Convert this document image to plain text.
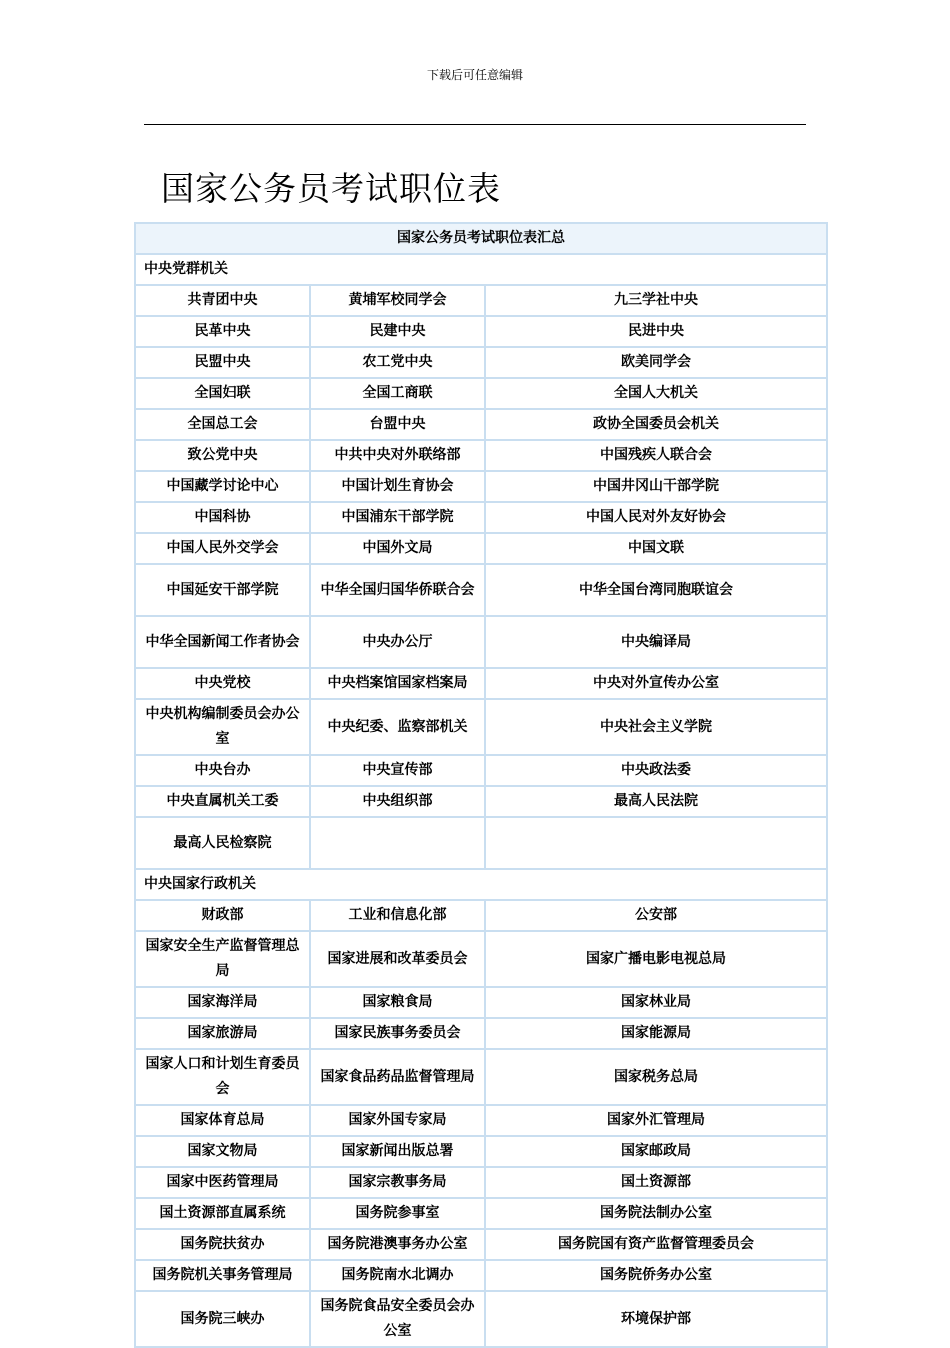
下载后可任意编辑
国家公务员考试职位表
国家公务员考试职位表汇总		
中央党群机关		
共青团中央	黄埔军校同学会	九三学社中央
民革中央	民建中央	民进中央
民盟中央	农工党中央	欧美同学会
全国妇联	全国工商联	全国人大机关
全国总工会	台盟中央	政协全国委员会机关
致公党中央	中共中央对外联络部	中国残疾人联合会
中国藏学讨论中心	中国计划生育协会	中国井冈山干部学院
中国科协	中国浦东干部学院	中国人民对外友好协会
中国人民外交学会	中国外文局	中国文联
中国延安干部学院	中华全国归国华侨联合会	中华全国台湾同胞联谊会
中华全国新闻工作者协会	中央办公厅	中央编译局
中央党校	中央档案馆国家档案局	中央对外宣传办公室
中央机构编制委员会办公室	中央纪委、监察部机关	中央社会主义学院
中央台办	中央宣传部	中央政法委
中央直属机关工委	中央组织部	最高人民法院
最高人民检察院		
中央国家行政机关		
财政部	工业和信息化部	公安部
国家安全生产监督管理总局	国家进展和改革委员会	国家广播电影电视总局
国家海洋局	国家粮食局	国家林业局
国家旅游局	国家民族事务委员会	国家能源局
国家人口和计划生育委员会	国家食品药品监督管理局	国家税务总局
国家体育总局	国家外国专家局	国家外汇管理局
国家文物局	国家新闻出版总署	国家邮政局
国家中医药管理局	国家宗教事务局	国土资源部
国土资源部直属系统	国务院参事室	国务院法制办公室
国务院扶贫办	国务院港澳事务办公室	国务院国有资产监督管理委员会
国务院机关事务管理局	国务院南水北调办	国务院侨务办公室
国务院三峡办	国务院食品安全委员会办公室	环境保护部
